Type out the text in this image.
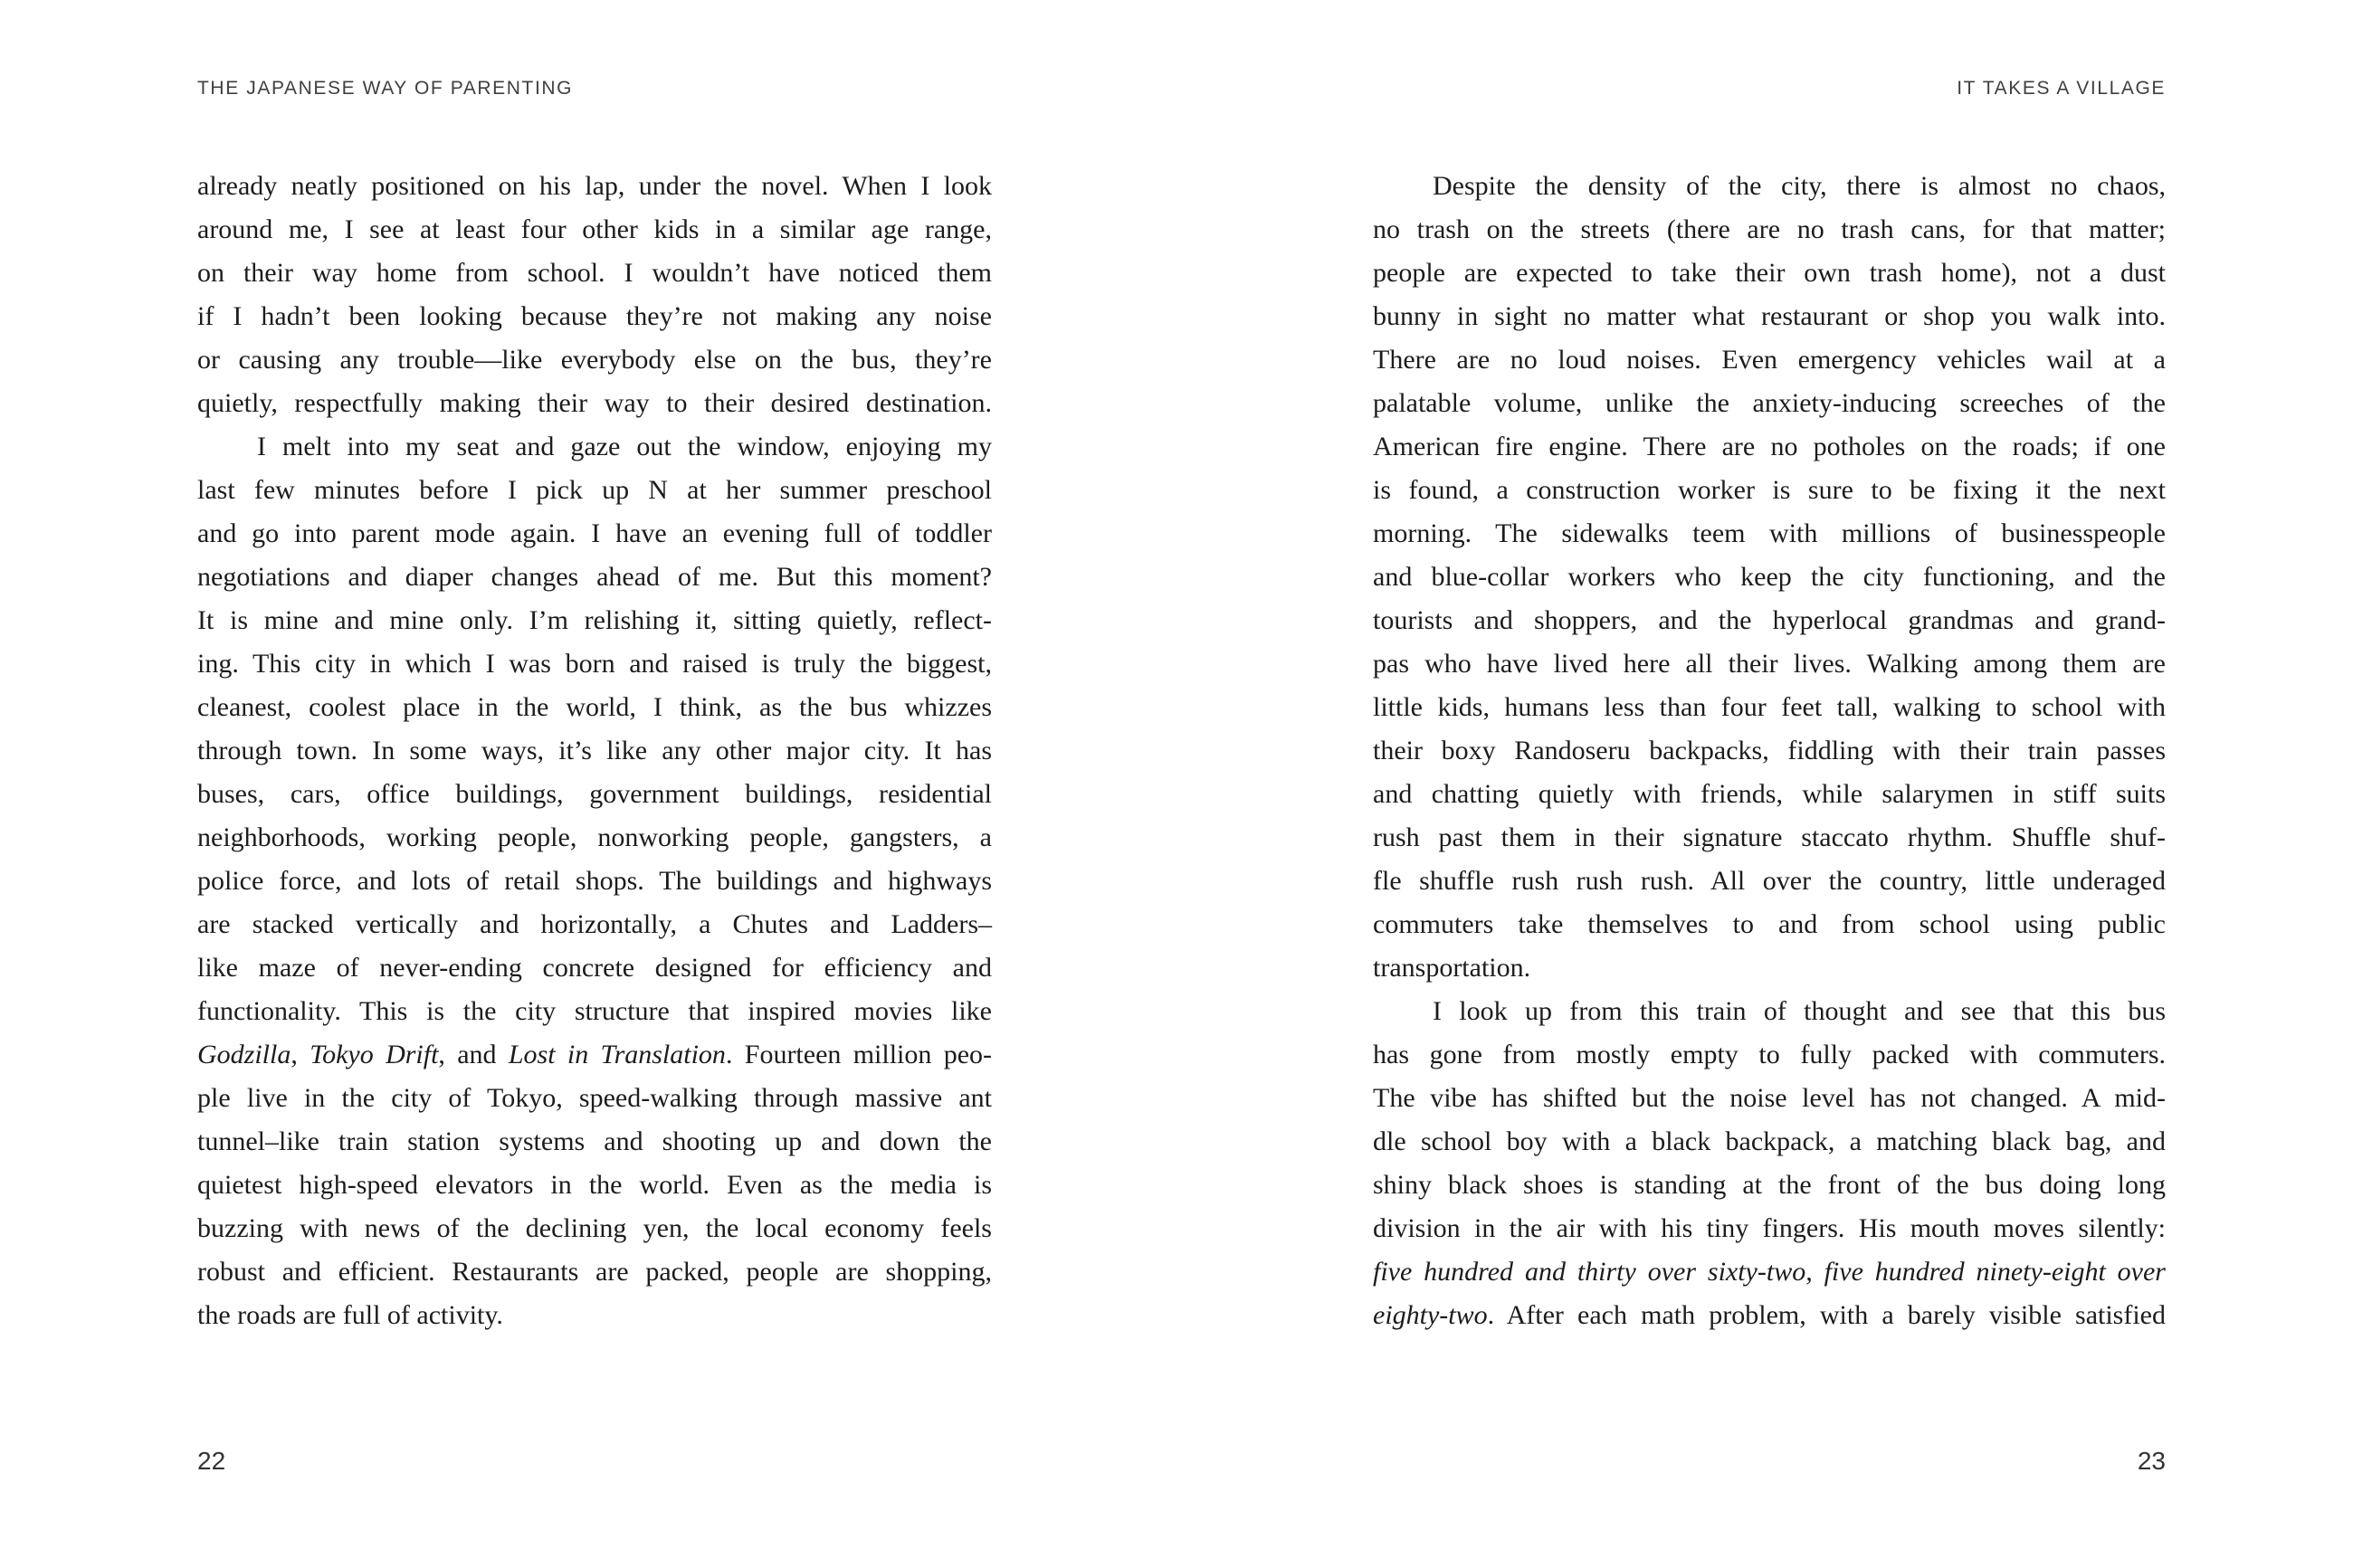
THE JAPANESE WAY OF PARENTING	IT TAKES A VILLAGE
already neatly positioned on his lap, under the novel. When I look
around me, I see at least four other kids in a similar age range,
on their way home from school. I wouldn’t have noticed them
if I hadn’t been looking because they’re not making any noise
or causing any trouble—like everybody else on the bus, they’re
quietly, respectfully making their way to their desired destination.
I melt into my seat and gaze out the window, enjoying my
last few minutes before I pick up N at her summer preschool
and go into parent mode again. I have an evening full of toddler
negotiations and diaper changes ahead of me. But this moment?
It is mine and mine only. I’m relishing it, sitting quietly, reflect-
ing. This city in which I was born and raised is truly the biggest,
cleanest, coolest place in the world, I think, as the bus whizzes
through town. In some ways, it’s like any other major city. It has
buses, cars, office buildings, government buildings, residential
neighborhoods, working people, nonworking people, gangsters, a
police force, and lots of retail shops. The buildings and highways
are stacked vertically and horizontally, a Chutes and Ladders–
like maze of never-ending concrete designed for efficiency and
functionality. This is the city structure that inspired movies like
Godzilla, Tokyo Drift, and Lost in Translation. Fourteen million peo-
ple live in the city of Tokyo, speed-walking through massive ant
tunnel–like train station systems and shooting up and down the
quietest high-speed elevators in the world. Even as the media is
buzzing with news of the declining yen, the local economy feels
robust and efficient. Restaurants are packed, people are shopping,
the roads are full of activity.
Despite the density of the city, there is almost no chaos,
no trash on the streets (there are no trash cans, for that matter;
people are expected to take their own trash home), not a dust
bunny in sight no matter what restaurant or shop you walk into.
There are no loud noises. Even emergency vehicles wail at a
palatable volume, unlike the anxiety-inducing screeches of the
American fire engine. There are no potholes on the roads; if one
is found, a construction worker is sure to be fixing it the next
morning. The sidewalks teem with millions of businesspeople
and blue-collar workers who keep the city functioning, and the
tourists and shoppers, and the hyperlocal grandmas and grand-
pas who have lived here all their lives. Walking among them are
little kids, humans less than four feet tall, walking to school with
their boxy Randoseru backpacks, fiddling with their train passes
and chatting quietly with friends, while salarymen in stiff suits
rush past them in their signature staccato rhythm. Shuffle shuf-
fle shuffle rush rush rush. All over the country, little underaged
commuters take themselves to and from school using public
transportation.
I look up from this train of thought and see that this bus
has gone from mostly empty to fully packed with commuters.
The vibe has shifted but the noise level has not changed. A mid-
dle school boy with a black backpack, a matching black bag, and
shiny black shoes is standing at the front of the bus doing long
division in the air with his tiny fingers. His mouth moves silently:
five hundred and thirty over sixty-two, five hundred ninety-eight over
eighty-two. After each math problem, with a barely visible satisfied
22	23
